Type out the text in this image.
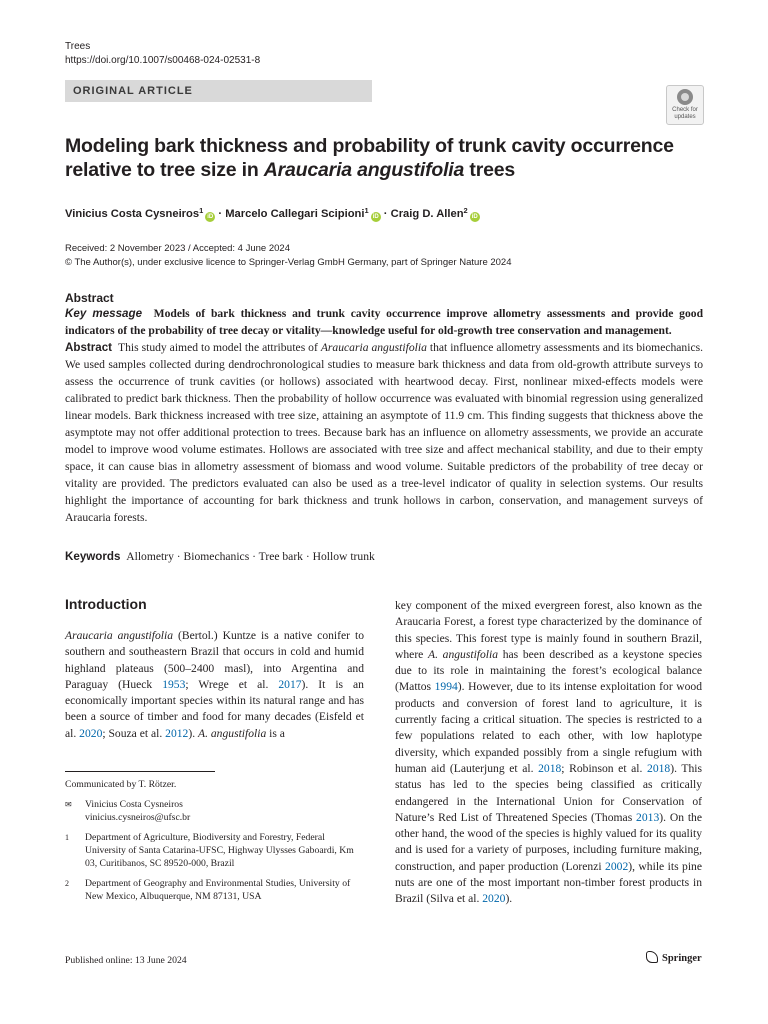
Trees
https://doi.org/10.1007/s00468-024-02531-8
ORIGINAL ARTICLE
Check for updates
Modeling bark thickness and probability of trunk cavity occurrence relative to tree size in Araucaria angustifolia trees
Vinicius Costa Cysneiros$^1$iD · Marcelo Callegari Scipioni$^1$iD · Craig D. Allen$^2$iD
Received: 2 November 2023 / Accepted: 4 June 2024
© The Author(s), under exclusive licence to Springer-Verlag GmbH Germany, part of Springer Nature 2024
Abstract

Key message Models of bark thickness and trunk cavity occurrence improve allometry assessments and provide good indicators of the probability of tree decay or vitality—knowledge useful for old-growth tree conservation and management.

Abstract This study aimed to model the attributes of Araucaria angustifolia that influence allometry assessments and its biomechanics. We used samples collected during dendrochronological studies to measure bark thickness and data from old-growth attribute surveys to assess the occurrence of trunk cavities (or hollows) associated with heartwood decay. First, nonlinear mixed-effects models were calibrated to predict bark thickness. Then the probability of hollow occurrence was evaluated with binomial regression using generalized linear models. Bark thickness increased with tree size, attaining an asymptote of 11.9 cm. This finding suggests that thickness above the asymptote may not offer additional protection to trees. Because bark has an influence on allometry assessments, we provide an accurate model to improve wood volume estimates. Hollows are associated with tree size and affect mechanical stability, and due to their empty space, it can cause bias in allometry assessment of biomass and wood volume. Suitable predictors of the probability of tree decay or vitality are provided. The predictors evaluated can also be used as a tree-level indicator of quality in selection systems. Our results highlight the importance of accounting for bark thickness and trunk hollows in carbon, conservation, and management surveys of Araucaria forests.

Keywords Allometry · Biomechanics · Tree bark · Hollow trunk
Introduction
Araucaria angustifolia (Bertol.) Kuntze is a native conifer to southern and southeastern Brazil that occurs in cold and humid highland plateaus (500–2400 masl), into Argentina and Paraguay (Hueck 1953; Wrege et al. 2017). It is an economically important species within its natural range and has been a source of timber and food for many decades (Eisfeld et al. 2020; Souza et al. 2012). A. angustifolia is a
key component of the mixed evergreen forest, also known as the Araucaria Forest, a forest type characterized by the dominance of this species. This forest type is mainly found in southern Brazil, where A. angustifolia has been described as a keystone species due to its role in maintaining the forest’s ecological balance (Mattos 1994). However, due to its intense exploitation for wood products and conversion of forest land to agriculture, it is currently facing a critical situation. The species is restricted to a few populations related to each other, with low haplotype diversity, which expanded possibly from a single refugium with human aid (Lauterjung et al. 2018; Robinson et al. 2018). This status has led to the species being classified as critically endangered in the International Union for Conservation of Nature’s Red List of Threatened Species (Thomas 2013). On the other hand, the wood of the species is highly valued for its quality and is used for a variety of purposes, including furniture making, construction, and paper production (Lorenzi 2002), while its pine nuts are one of the most important non-timber forest products in Brazil (Silva et al. 2020).
Communicated by T. Rötzer.
✉	Vinicius Costa Cysneiros
vinicius.cysneiros@ufsc.br
1	Department of Agriculture, Biodiversity and Forestry, Federal University of Santa Catarina-UFSC, Highway Ulysses Gaboardi, Km 03, Curitibanos, SC 89520-000, Brazil
2	Department of Geography and Environmental Studies, University of New Mexico, Albuquerque, NM 87131, USA
Published online: 13 June 2024	Springer
